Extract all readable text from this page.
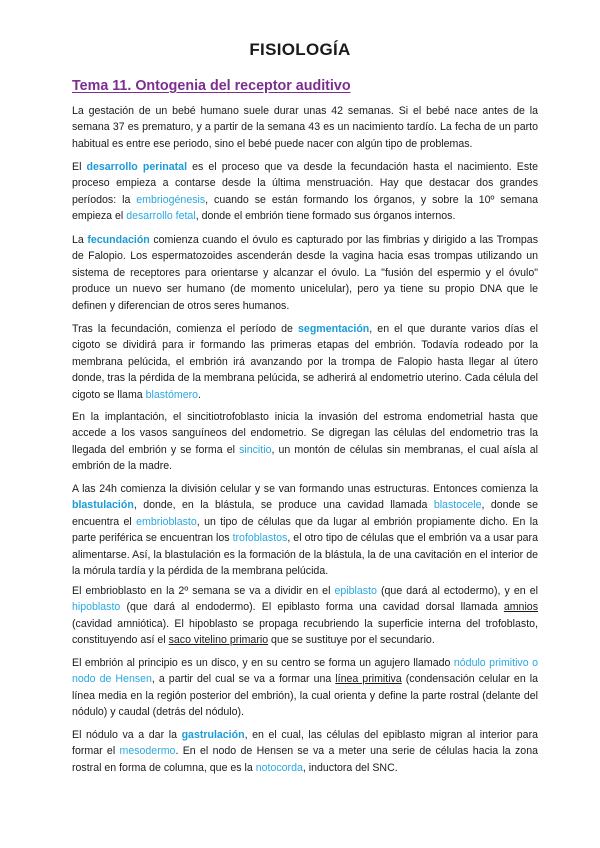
FISIOLOGÍA
Tema 11. Ontogenia del receptor auditivo

La gestación de un bebé humano suele durar unas 42 semanas. Si el bebé nace antes de la semana 37 es prematuro, y a partir de la semana 43 es un nacimiento tardío. La fecha de un parto habitual es entre ese periodo, sino el bebé puede nacer con algún tipo de problemas.

El desarrollo perinatal es el proceso que va desde la fecundación hasta el nacimiento. Este proceso empieza a contarse desde la última menstruación. Hay que destacar dos grandes períodos: la embriogénesis, cuando se están formando los órganos, y sobre la 10º semana empieza el desarrollo fetal, donde el embrión tiene formado sus órganos internos.

La fecundación comienza cuando el óvulo es capturado por las fimbrias y dirigido a las Trompas de Falopio. Los espermatozoides ascenderán desde la vagina hacia esas trompas utilizando un sistema de receptores para orientarse y alcanzar el óvulo. La "fusión del espermio y el óvulo" produce un nuevo ser humano (de momento unicelular), pero ya tiene su propio DNA que le definen y diferencian de otros seres humanos.

Tras la fecundación, comienza el período de segmentación, en el que durante varios días el cigoto se dividirá para ir formando las primeras etapas del embrión. Todavía rodeado por la membrana pelúcida, el embrión irá avanzando por la trompa de Falopio hasta llegar al útero donde, tras la pérdida de la membrana pelúcida, se adherirá al endometrio uterino. Cada célula del cigoto se llama blastómero.

En la implantación, el sincitiotrofoblasto inicia la invasión del estroma endometrial hasta que accede a los vasos sanguíneos del endometrio. Se digregan las células del endometrio tras la llegada del embrión y se forma el sincitio, un montón de células sin membranas, el cual aísla al embrión de la madre.

A las 24h comienza la división celular y se van formando unas estructuras. Entonces comienza la blastulación, donde, en la blástula, se produce una cavidad llamada blastocele, donde se encuentra el embrioblasto, un tipo de células que da lugar al embrión propiamente dicho. En la parte periférica se encuentran los trofoblastos, el otro tipo de células que el embrión va a usar para alimentarse. Así, la blastulación es la formación de la blástula, la de una cavitación en el interior de la mórula tardía y la pérdida de la membrana pelúcida.

El embrioblasto en la 2º semana se va a dividir en el epiblasto (que dará al ectodermo), y en el hipoblasto (que dará al endodermo). El epiblasto forma una cavidad dorsal llamada amnios (cavidad amniótica). El hipoblasto se propaga recubriendo la superficie interna del trofoblasto, constituyendo así el saco vitelino primario que se sustituye por el secundario.

El embrión al principio es un disco, y en su centro se forma un agujero llamado nódulo primitivo o nodo de Hensen, a partir del cual se va a formar una línea primitiva (condensación celular en la línea media en la región posterior del embrión), la cual orienta y define la parte rostral (delante del nódulo) y caudal (detrás del nódulo).

El nódulo va a dar la gastrulación, en el cual, las células del epiblasto migran al interior para formar el mesodermo. En el nodo de Hensen se va a meter una serie de células hacia la zona rostral en forma de columna, que es la notocorda, inductora del SNC.
